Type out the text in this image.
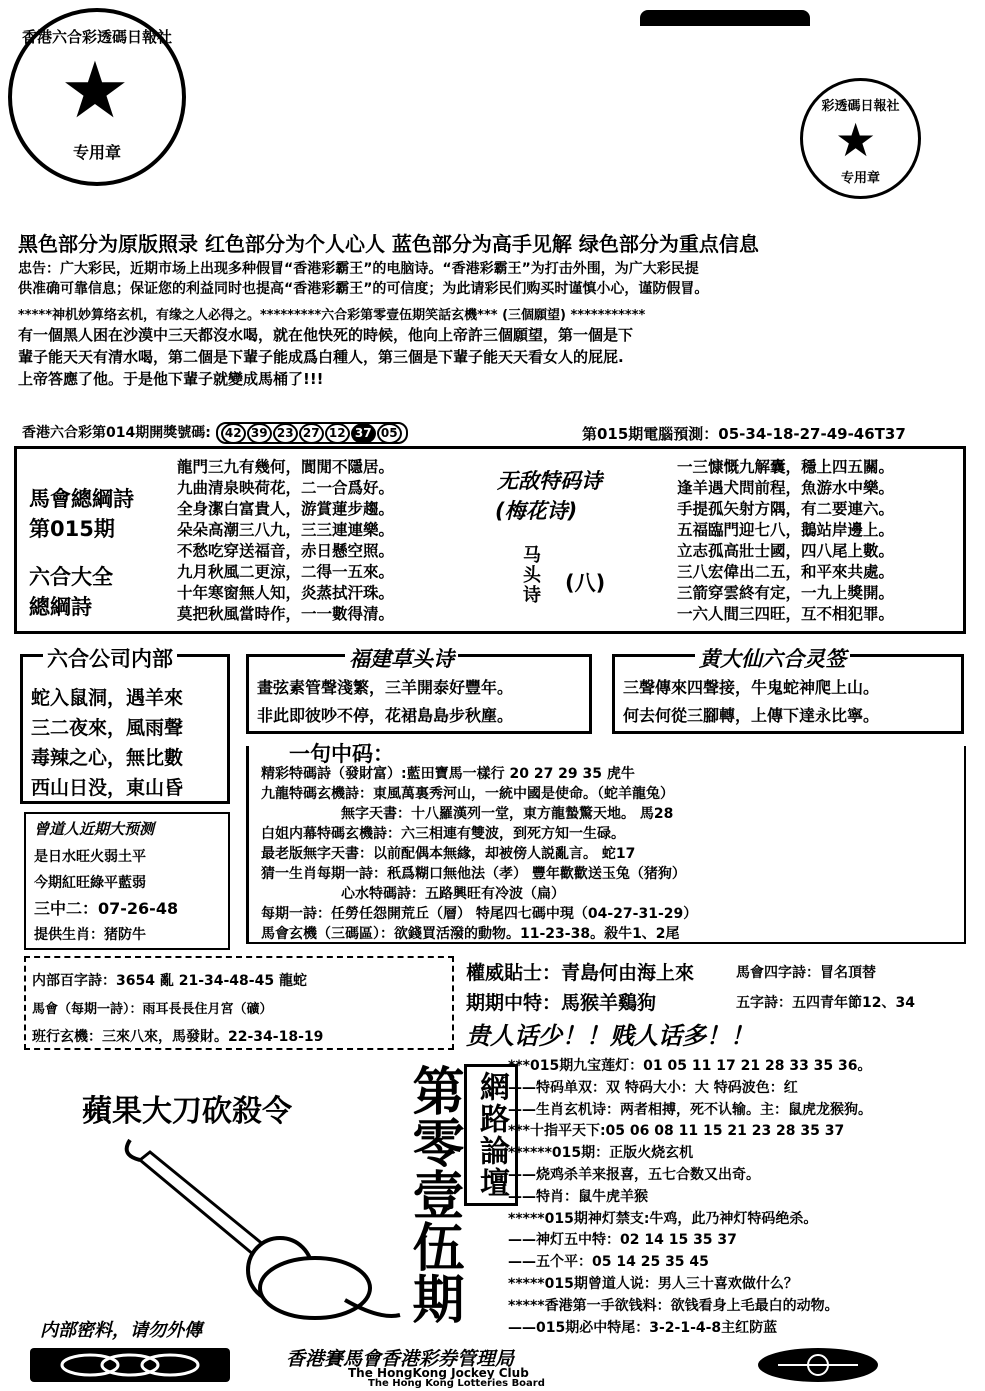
香港六合彩透碼日報社
★
专用章
彩透碼日報社
★
专用章
黑色部分为原版照录 红色部分为个人心人 蓝色部分为高手见解 绿色部分为重点信息
忠告：广大彩民，近期市场上出现多种假冒“香港彩霸王”的电脑诗。“香港彩霸王”为打击外围，为广大彩民提
供准确可靠信息；保证您的利益同时也提高“香港彩霸王”的可信度；为此请彩民们购买时谨慎小心，谨防假冒。
*****神机妙算络玄机，有缘之人必得之。*********六合彩第零壹伍期笑話玄機*** (三個願望) ***********
有一個黑人困在沙漠中三天都沒水喝，就在他快死的時候，他向上帝許三個願望，第一個是下
輩子能天天有清水喝，第二個是下輩子能成爲白種人，第三個是下輩子能天天看女人的屁屁.
上帝答應了他。于是他下輩子就變成馬桶了!!!
香港六合彩第014期開獎號碼: 42 39 23 27 12 37 05	第015期電腦預測：05-34-18-27-49-46T37
馬會總綱詩
第015期
六合大全
總綱詩
龍門三九有幾何，閬閒不隱居。
九曲清泉映荷花，二一合爲好。
全身潔白富貴人，游賞蓮步趨。
朵朵高潮三八九，三三連連樂。
不愁吃穿送福音，赤日懸空照。
九月秋風二更涼，二得一五來。
十年寒窗無人知，炎蒸拭汗珠。
莫把秋風當時作，一一數得清。
无敌特码诗
(梅花诗)
马头诗 (八)
一三慷慨九解囊，穩上四五關。
逢羊遇犬問前程，魚游水中樂。
手提孤矢射方隅，有二要連六。
五福臨門迎七八，鵝站岸邊上。
立志孤高壯士國，四八尾上數。
三八宏偉出二五，和平來共處。
三箭穿雲終有定，一九上獎開。
一六人間三四旺，互不相犯罪。
六合公司内部
蛇入鼠洞，遇羊來
三二夜來，風雨聲
毒辣之心，無比數
西山日没，東山昏
福建草头诗
畫弦素管聲淺繁，三羊開泰好豐年。
非此即彼吵不停，花裙島島步秋塵。
黄大仙六合灵签
三聲傳來四聲接，牛鬼蛇神爬上山。
何去何從三腳轉，上傳下達永比寧。
曾道人近期大预测
是日水旺火弱土平
今期紅旺綠平藍弱
三中二：07-26-48
提供生肖：猪防牛
一句中码：
精彩特碼詩（發財富）:藍田寶馬一樣行 20 27 29 35 虎牛
九龍特碼玄機詩：東風萬裏秀河山，一統中國是使命。（蛇羊龍兔）
無字天書：十八羅漢列一堂，東方龍蟄驚天地。 馬28
白姐内幕特碼玄機詩：六三相連有雙波，到死方知一生碌。
最老版無字天書：以前配偶本無緣，却被傍人説亂言。 蛇17
猜一生肖每期一詩：秖爲糊口無他法（孝） 豐年歡歡送玉兔（猪狗）
心水特碼詩：五路興旺有冷波（扁）
每期一詩：任勞任怨開荒丘（層） 特尾四七碼中現（04-27-31-29）
馬會玄機（三碼區）：欲錢買活潑的動物。11-23-38。殺牛1、2尾
内部百字詩：3654 亂 21-34-48-45 龍蛇
馬會（每期一詩）：雨耳長長住月宮（礦）
班行玄機：三來八來，馬發財。22-34-18-19
權威貼士：青島何由海上來	馬會四字詩：冒名頂替
期期中特：馬猴羊鷄狗	五字詩：五四青年節12、34
贵人话少！！贱人话多！！
蘋果大刀砍殺令
内部密料，请勿外傳
第零壹伍期 網路論壇
***015期九宝莲灯：01 05 11 17 21 28 33 35 36。
——特码单双：双 特码大小：大 特码波色：红
——生肖玄机诗：两者相搏，死不认输。主：鼠虎龙猴狗。
***十指平天下:05 06 08 11 15 21 23 28 35 37
******015期：正版火烧玄机
——烧鸡杀羊来报喜，五七合数又出奇。
——特肖：鼠牛虎羊猴
*****015期神灯禁支:牛鸡，此乃神灯特码绝杀。
——神灯五中特：02 14 15 35 37
——五个平：05 14 25 35 45
*****015期曾道人说：男人三十喜欢做什么？
*****香港第一手欲钱料：欲钱看身上毛最白的动物。
——015期必中特尾：3-2-1-4-8主红防蓝
香港賽馬會香港彩券管理局
The HongKong Jockey Club
The Hong Kong Lotteries Board
